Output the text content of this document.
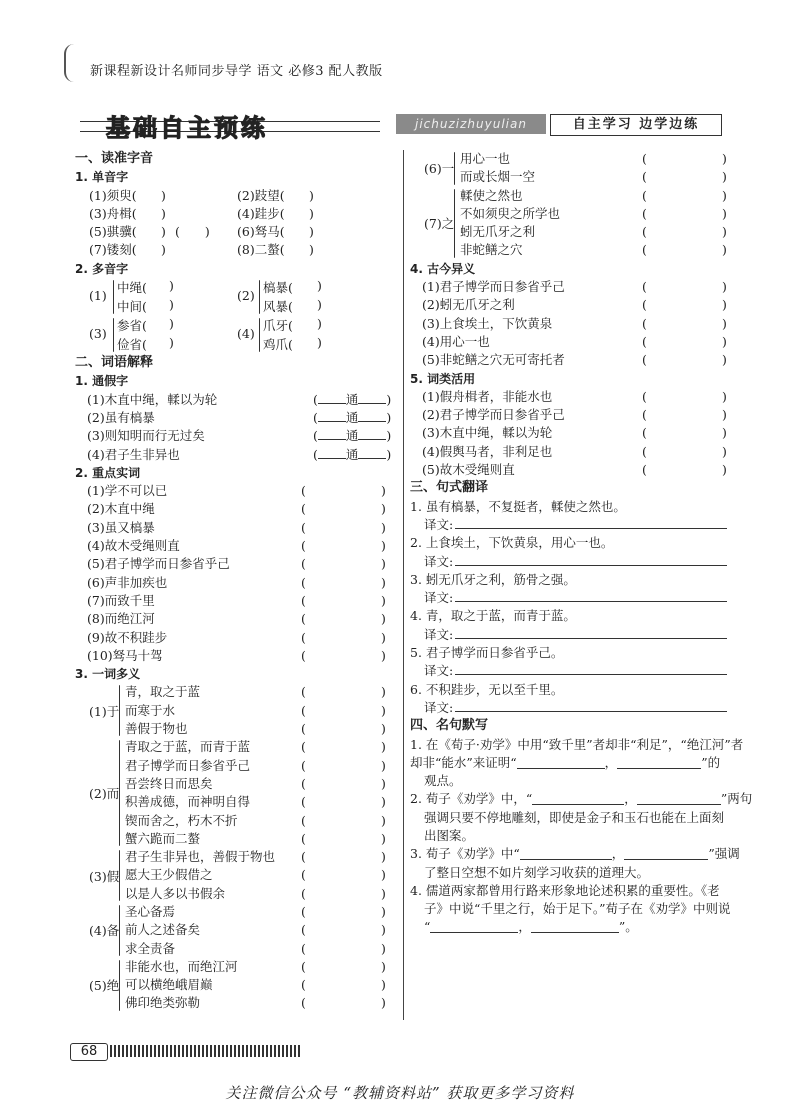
新课程新设计名师同步导学 语文 必修3 配人教版
基础自主预练	jichuzizhuyulian	自主学习 边学边练
一、读准字音
1. 单音字
(1)须臾( )	(2)跂望( )
(3)舟楫( )	(4)跬步( )
(5)骐骥( )	(6)驽马( )
(　　)
(7)镂刻( )	(8)二螯( )
2. 多音字
(1)
中绳( )
中间( )
(2)
槁暴( )
风暴( )
(3)
参省( )
俭省( )
(4)
爪牙( )
鸡爪( )
二、词语解释
1. 通假字
(1)木直中绳，輮以为轮	( 通 )
(2)虽有槁暴	( 通 )
(3)则知明而行无过矣	( 通 )
(4)君子生非异也	( 通 )
2. 重点实词
(1)学不可以已	(	)
(2)木直中绳	(	)
(3)虽又槁暴	(	)
(4)故木受绳则直	(	)
(5)君子博学而日参省乎己	(	)
(6)声非加疾也	(	)
(7)而致千里	(	)
(8)而绝江河	(	)
(9)故不积跬步	(	)
(10)驽马十驾	(	)
3. 一词多义
(1)于
青，取之于蓝	(	)
而寒于水	(	)
善假于物也	(	)
(2)而
青取之于蓝，而青于蓝	(	)
君子博学而日参省乎己	(	)
吾尝终日而思矣	(	)
积善成德，而神明自得	(	)
锲而舍之，朽木不折	(	)
蟹六跪而二螯	(	)
(3)假
君子生非异也，善假于物也 (	)
愿大王少假借之	(	)
以是人多以书假余	(	)
(4)备
圣心备焉	(	)
前人之述备矣	(	)
求全责备	(	)
(5)绝
非能水也，而绝江河	(	)
可以横绝峨眉巅	(	)
佛印绝类弥勒	(	)
(6)一
用心一也	(	)
而或长烟一空	(	)
(7)之
輮使之然也	(	)
不如须臾之所学也	(	)
蚓无爪牙之利	(	)
非蛇鳝之穴	(	)
4. 古今异义
(1)君子博学而日参省乎己	(	)
(2)蚓无爪牙之利	(	)
(3)上食埃土，下饮黄泉	(	)
(4)用心一也	(	)
(5)非蛇鳝之穴无可寄托者	(	)
5. 词类活用
(1)假舟楫者，非能水也	(	)
(2)君子博学而日参省乎己	(	)
(3)木直中绳，輮以为轮	(	)
(4)假舆马者，非利足也	(	)
(5)故木受绳则直	(	)
三、句式翻译
1. 虽有槁暴，不复挺者，輮使之然也。
译文:
2. 上食埃土，下饮黄泉，用心一也。
译文:
3. 蚓无爪牙之利，筋骨之强。
译文:
4. 青，取之于蓝，而青于蓝。
译文:
5. 君子博学而日参省乎己。
译文:
6. 不积跬步，无以至千里。
译文:
四、名句默写
1. 在《荀子·劝学》中用“致千里”者却非“利足”，“绝江河”者
却非“能水”来证明“	，	”的
观点。
2. 荀子《劝学》中，“	，	”两句
强调只要不停地雕刻，即使是金子和玉石也能在上面刻
出图案。
3. 荀子《劝学》中“	，	”强调
了整日空想不如片刻学习收获的道理大。
4. 儒道两家都曾用行路来形象地论述积累的重要性。《老
子》中说“千里之行，始于足下。”荀子在《劝学》中则说
“	，	”。
68
关注微信公众号 “教辅资料站” 获取更多学习资料
